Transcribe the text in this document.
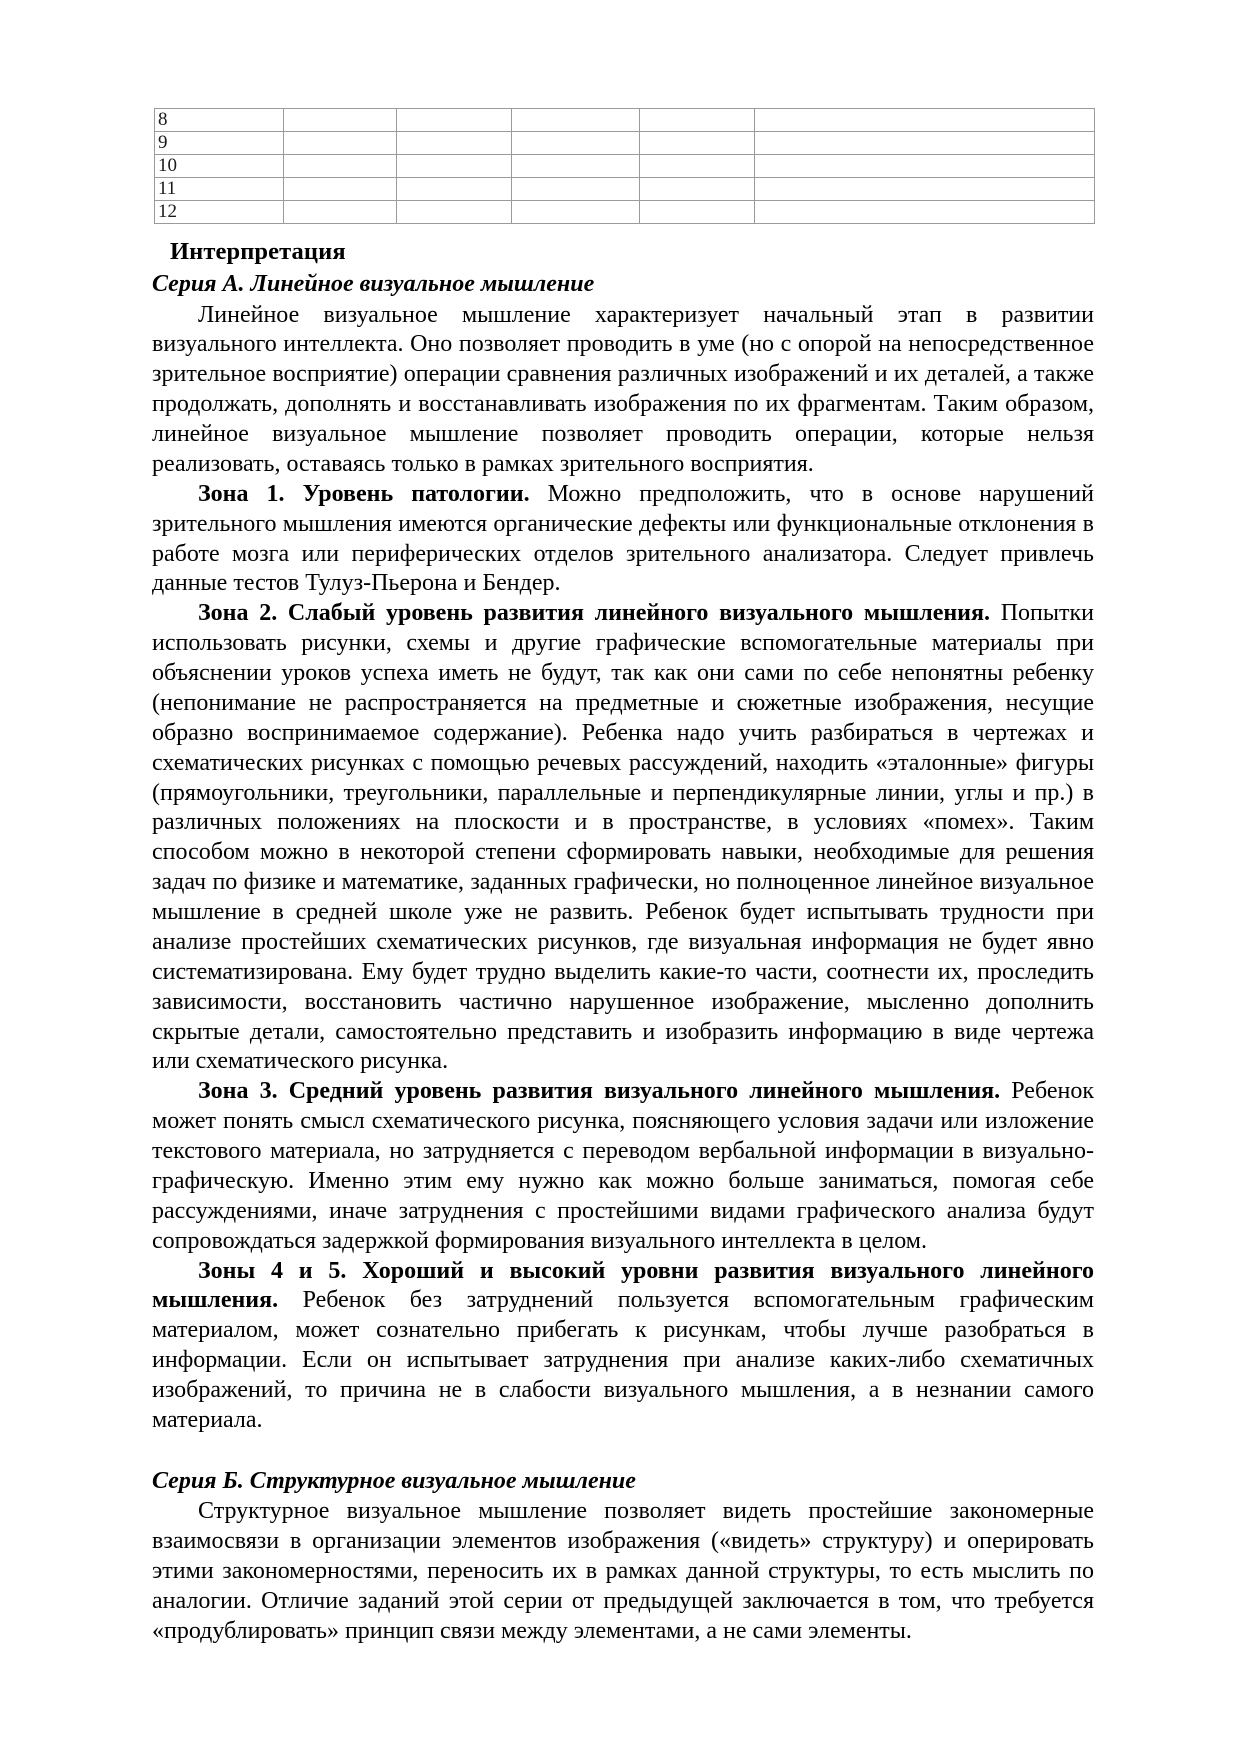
8					
9					
10					
11					
12					
Интерпретация
Серия А. Линейное визуальное мышление

Линейное визуальное мышление характеризует начальный этап в развитии визуального интеллекта. Оно позволяет проводить в уме (но с опорой на непосредственное зрительное восприятие) операции сравнения различных изображений и их деталей, а также продолжать, дополнять и восстанавливать изображения по их фрагментам. Таким образом, линейное визуальное мышление позволяет проводить операции, которые нельзя реализовать, оставаясь только в рамках зрительного восприятия.

Зона 1. Уровень патологии. Можно предположить, что в основе нарушений зрительного мышления имеются органические дефекты или функциональные отклонения в работе мозга или периферических отделов зрительного анализатора. Следует привлечь данные тестов Тулуз-Пьерона и Бендер.

Зона 2. Слабый уровень развития линейного визуального мышления. Попытки использовать рисунки, схемы и другие графические вспомогательные материалы при объяснении уроков успеха иметь не будут, так как они сами по себе непонятны ребенку (непонимание не распространяется на предметные и сюжетные изображения, несущие образно воспринимаемое содержание). Ребенка надо учить разбираться в чертежах и схематических рисунках с помощью речевых рассуждений, находить «эталонные» фигуры (прямоугольники, треугольники, параллельные и перпендикулярные линии, углы и пр.) в различных положениях на плоскости и в пространстве, в условиях «помех». Таким способом можно в некоторой степени сформировать навыки, необходимые для решения задач по физике и математике, заданных графически, но полноценное линейное визуальное мышление в средней школе уже не развить. Ребенок будет испытывать трудности при анализе простейших схематических рисунков, где визуальная информация не будет явно систематизирована. Ему будет трудно выделить какие-то части, соотнести их, проследить зависимости, восстановить частично нарушенное изображение, мысленно дополнить скрытые детали, самостоятельно представить и изобразить информацию в виде чертежа или схематического рисунка.

Зона 3. Средний уровень развития визуального линейного мышления. Ребенок может понять смысл схематического рисунка, поясняющего условия задачи или изложение текстового материала, но затрудняется с переводом вербальной информации в визуально-графическую. Именно этим ему нужно как можно больше заниматься, помогая себе рассуждениями, иначе затруднения с простейшими видами графического анализа будут сопровождаться задержкой формирования визуального интеллекта в целом.

Зоны 4 и 5. Хороший и высокий уровни развития визуального линейного мышления. Ребенок без затруднений пользуется вспомогательным графическим материалом, может сознательно прибегать к рисункам, чтобы лучше разобраться в информации. Если он испытывает затруднения при анализе каких-либо схематичных изображений, то причина не в слабости визуального мышления, а в незнании самого материала.

Серия Б. Структурное визуальное мышление

Структурное визуальное мышление позволяет видеть простейшие закономерные взаимосвязи в организации элементов изображения («видеть» структуру) и оперировать этими закономерностями, переносить их в рамках данной структуры, то есть мыслить по аналогии. Отличие заданий этой серии от предыдущей заключается в том, что требуется «продублировать» принцип связи между элементами, а не сами элементы.
